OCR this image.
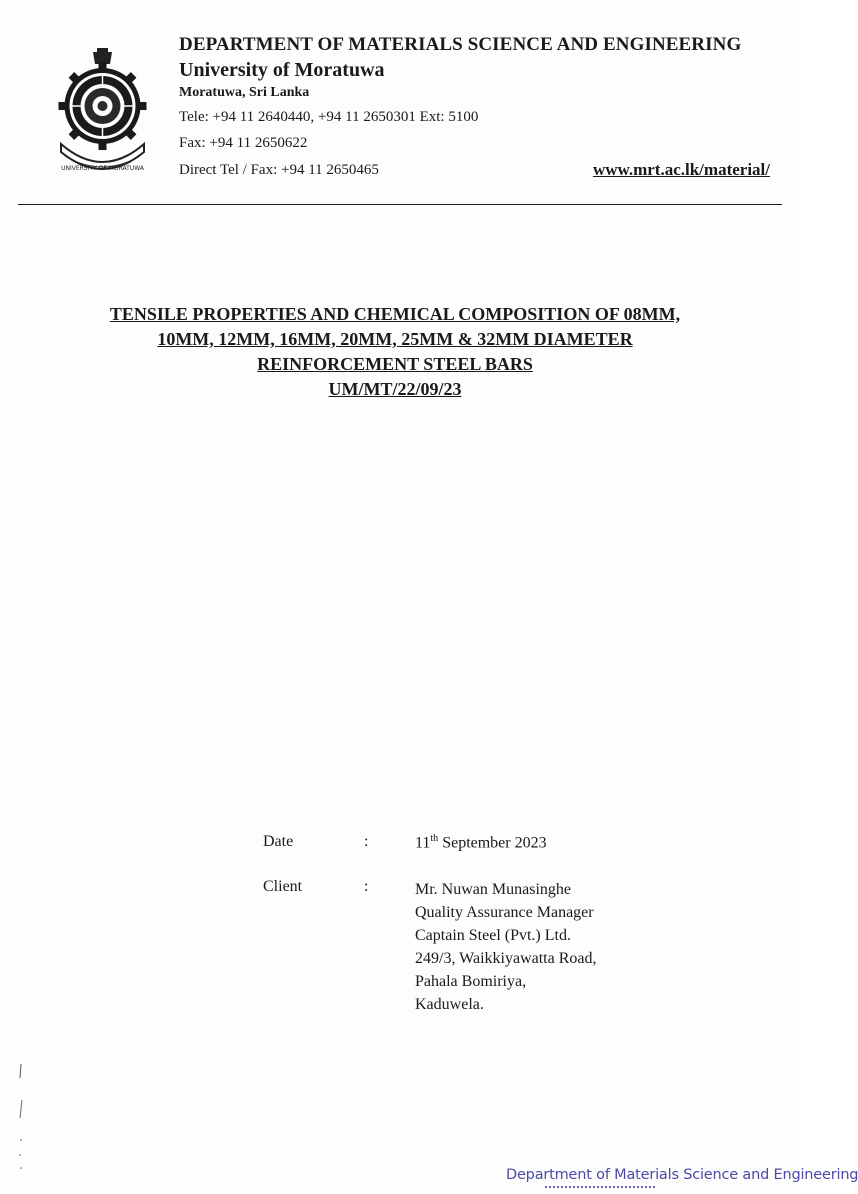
UNIVERSITY OF MORATUWA
DEPARTMENT OF MATERIALS SCIENCE AND ENGINEERING
University of Moratuwa
Moratuwa, Sri Lanka
Tele: +94 11 2640440, +94 11 2650301 Ext: 5100
Fax: +94 11 2650622
Direct Tel / Fax: +94 11 2650465	www.mrt.ac.lk/material/
TENSILE PROPERTIES AND CHEMICAL COMPOSITION OF 08MM,
10MM, 12MM, 16MM, 20MM, 25MM & 32MM DIAMETER
REINFORCEMENT STEEL BARS
UM/MT/22/09/23
Date	:	11th September 2023
Client	:	Mr. Nuwan Munasinghe
Quality Assurance Manager
Captain Steel (Pvt.) Ltd.
249/3, Waikkiyawatta Road,
Pahala Bomiriya,
Kaduwela.
Department of Materials Science and Engineering
